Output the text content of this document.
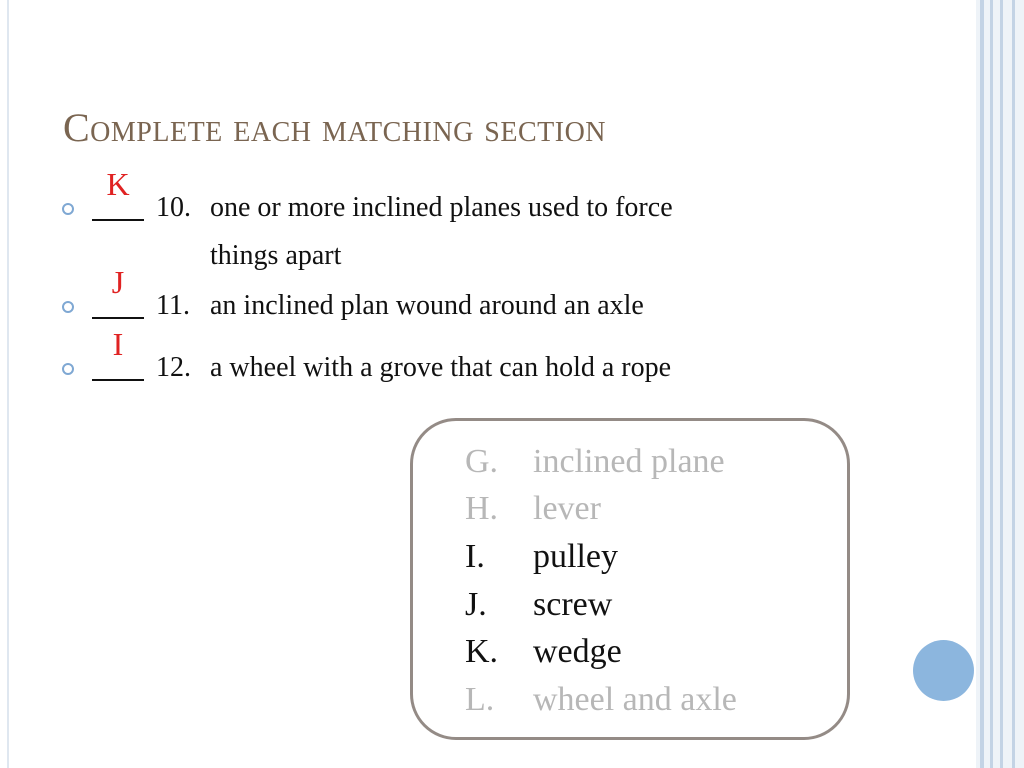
Complete each matching section
K
10. one or more inclined planes used to force
things apart
J
11. an inclined plan wound around an axle
I
12. a wheel with a grove that can hold a rope
G. inclined plane
H. lever
I. pulley
J. screw
K. wedge
L. wheel and axle
